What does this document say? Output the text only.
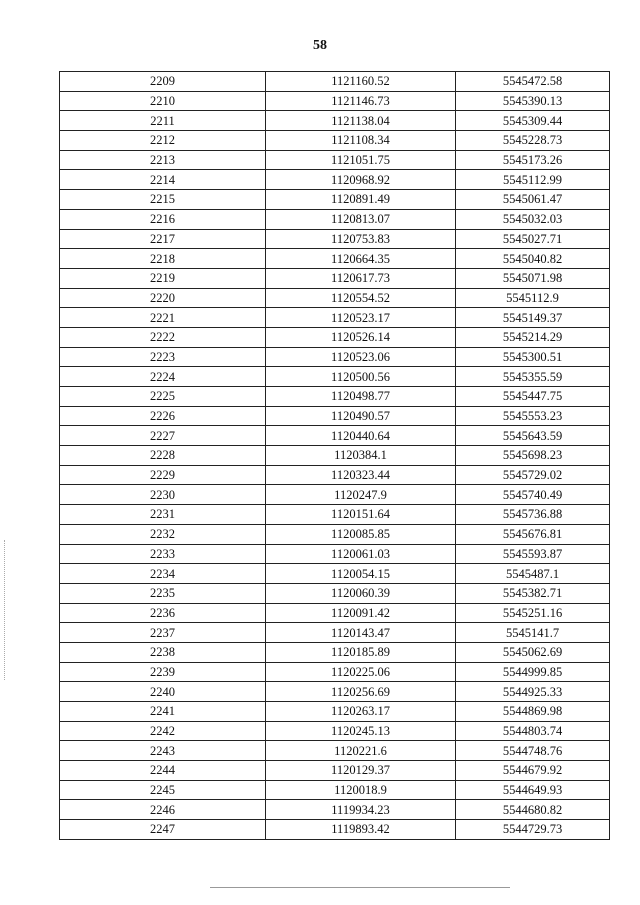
58
2209	1121160.52	5545472.58
2210	1121146.73	5545390.13
2211	1121138.04	5545309.44
2212	1121108.34	5545228.73
2213	1121051.75	5545173.26
2214	1120968.92	5545112.99
2215	1120891.49	5545061.47
2216	1120813.07	5545032.03
2217	1120753.83	5545027.71
2218	1120664.35	5545040.82
2219	1120617.73	5545071.98
2220	1120554.52	5545112.9
2221	1120523.17	5545149.37
2222	1120526.14	5545214.29
2223	1120523.06	5545300.51
2224	1120500.56	5545355.59
2225	1120498.77	5545447.75
2226	1120490.57	5545553.23
2227	1120440.64	5545643.59
2228	1120384.1	5545698.23
2229	1120323.44	5545729.02
2230	1120247.9	5545740.49
2231	1120151.64	5545736.88
2232	1120085.85	5545676.81
2233	1120061.03	5545593.87
2234	1120054.15	5545487.1
2235	1120060.39	5545382.71
2236	1120091.42	5545251.16
2237	1120143.47	5545141.7
2238	1120185.89	5545062.69
2239	1120225.06	5544999.85
2240	1120256.69	5544925.33
2241	1120263.17	5544869.98
2242	1120245.13	5544803.74
2243	1120221.6	5544748.76
2244	1120129.37	5544679.92
2245	1120018.9	5544649.93
2246	1119934.23	5544680.82
2247	1119893.42	5544729.73
